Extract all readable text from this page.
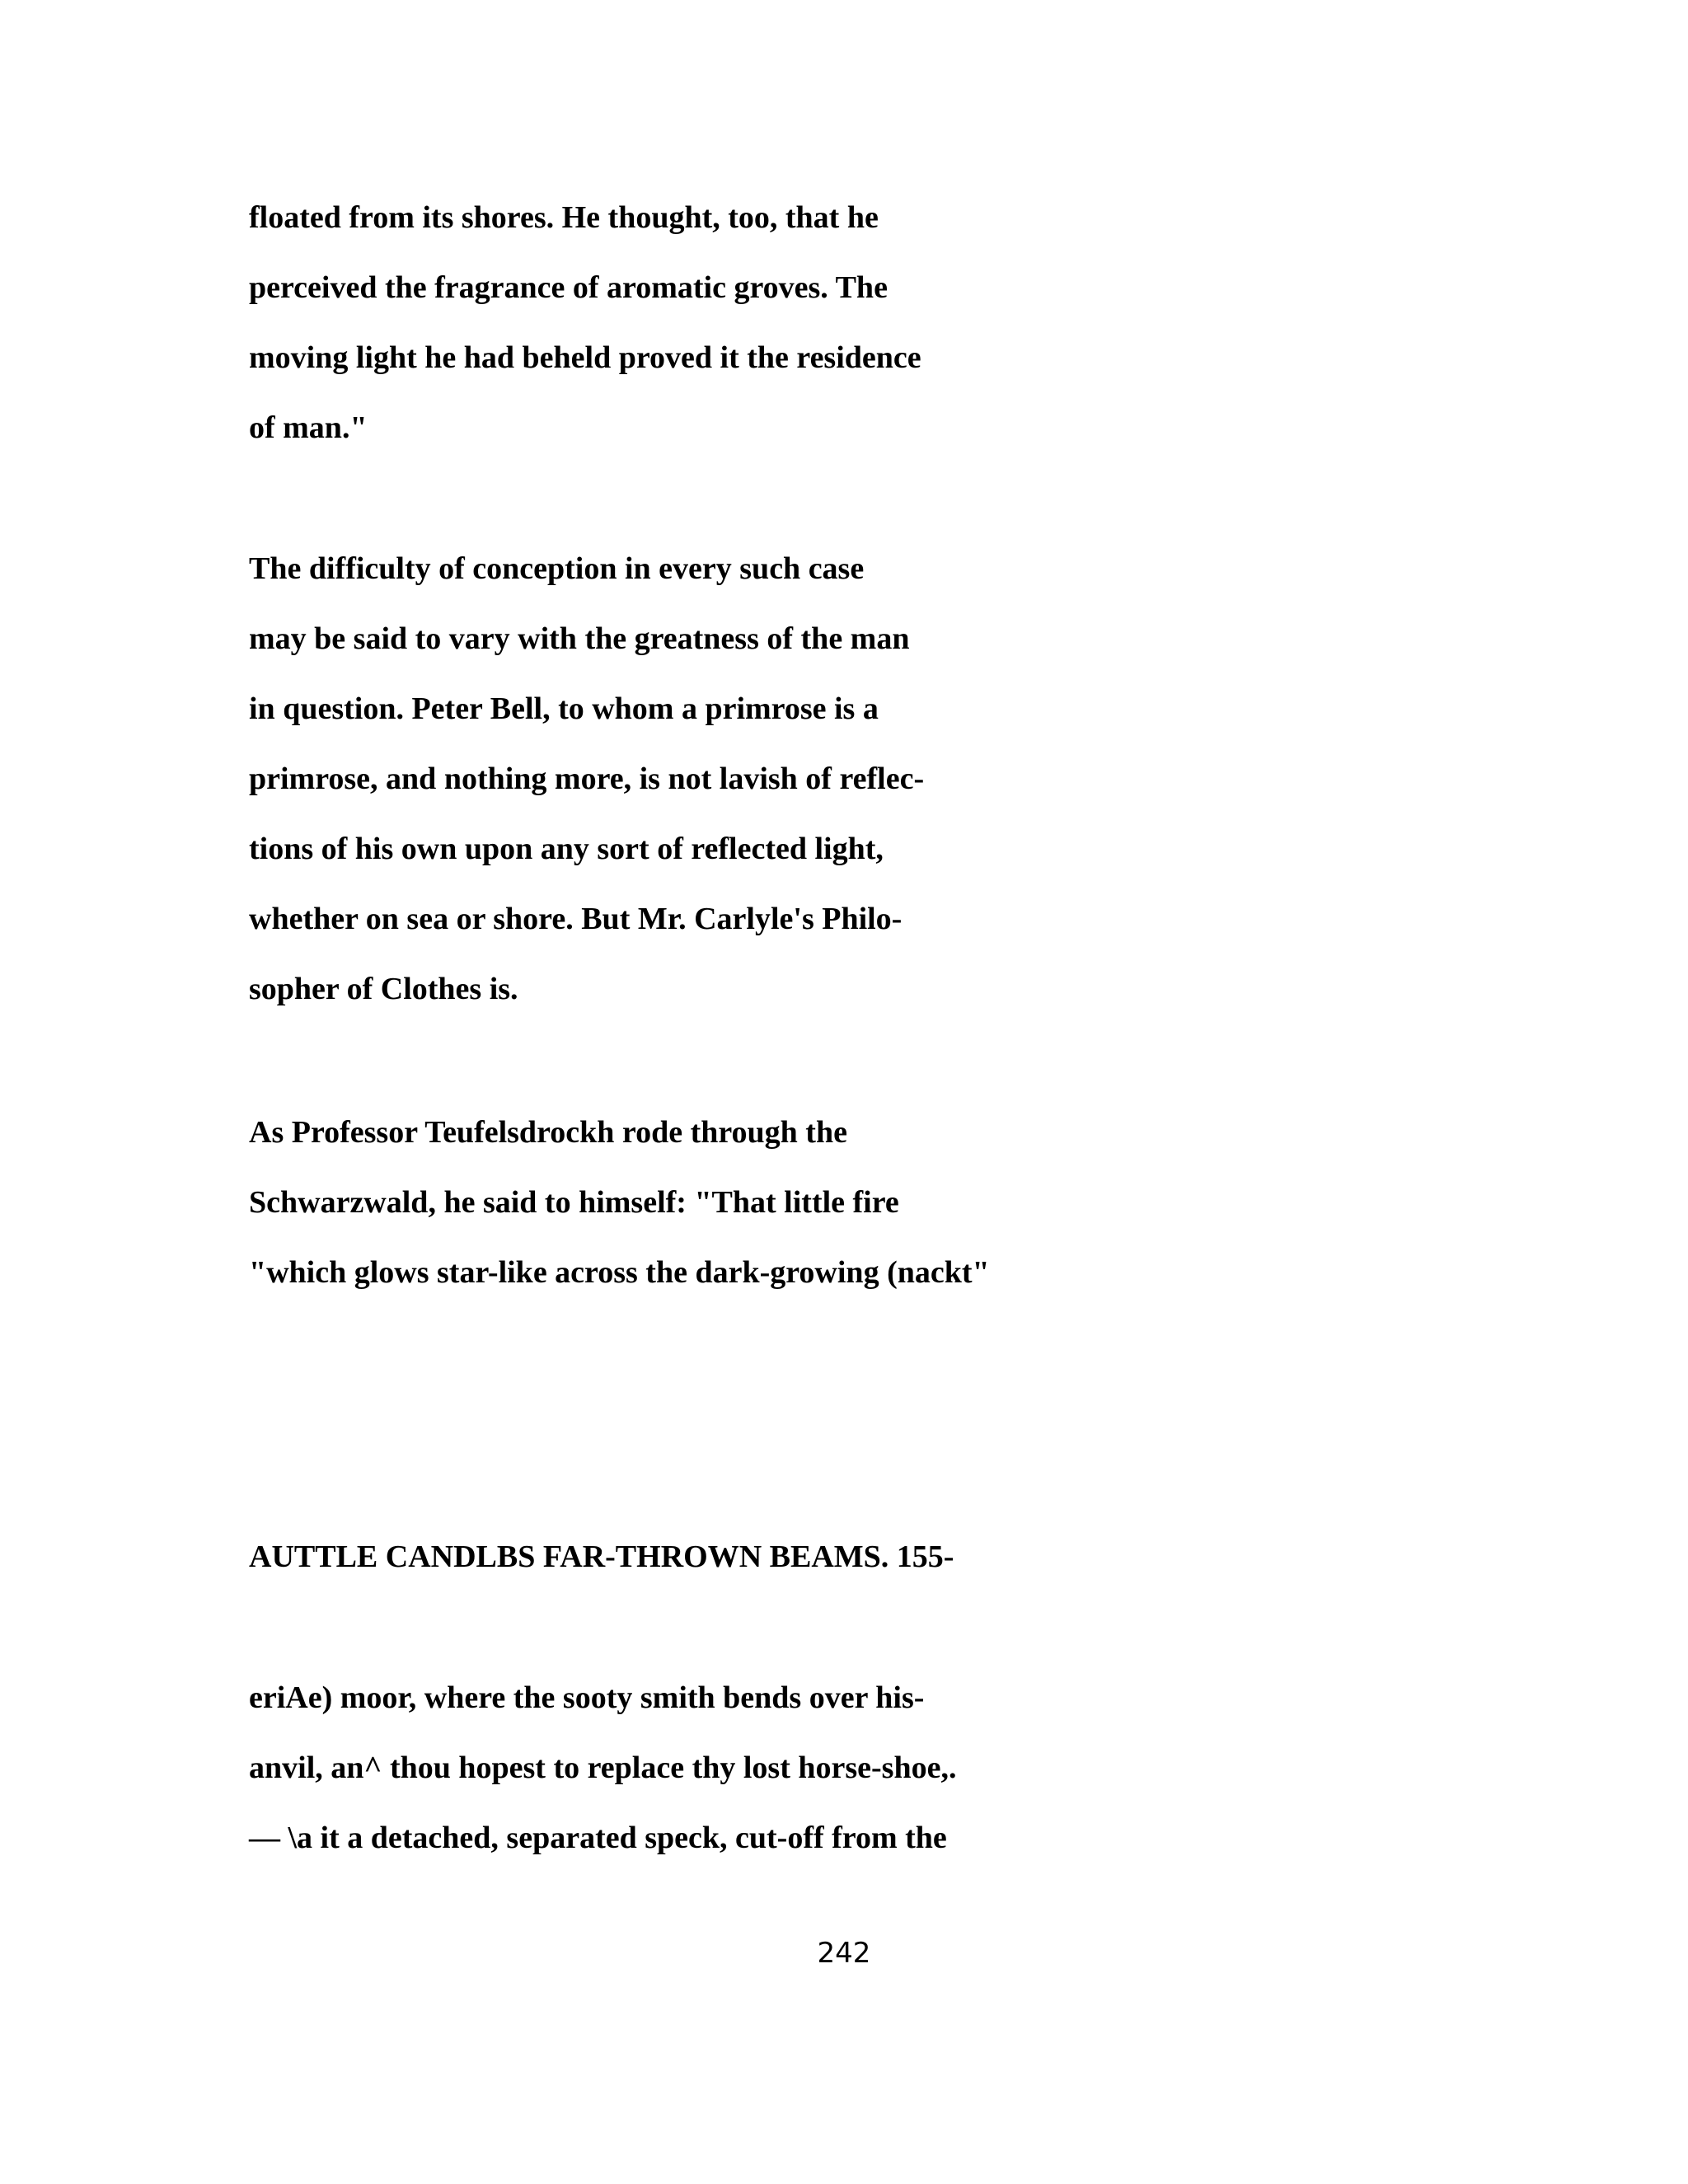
floated from its shores. He thought, too, that he

perceived the fragrance of aromatic groves. The

moving light he had beheld proved it the residence

of man."

The difficulty of conception in every such case

may be said to vary with the greatness of the man

in question. Peter Bell, to whom a primrose is a

primrose, and nothing more, is not lavish of reflec-

tions of his own upon any sort of reflected light,

whether on sea or shore. But Mr. Carlyle's Philo-

sopher of Clothes is.

As Professor Teufelsdrockh rode through the

Schwarzwald, he said to himself: "That little fire

"which glows star-like across the dark-growing (nackt"

AUTTLE CANDLBS FAR-THROWN BEAMS. 155-

eriAe) moor, where the sooty smith bends over his-

anvil, an^ thou hopest to replace thy lost horse-shoe,.

— \a it a detached, separated speck, cut-off from the

242
